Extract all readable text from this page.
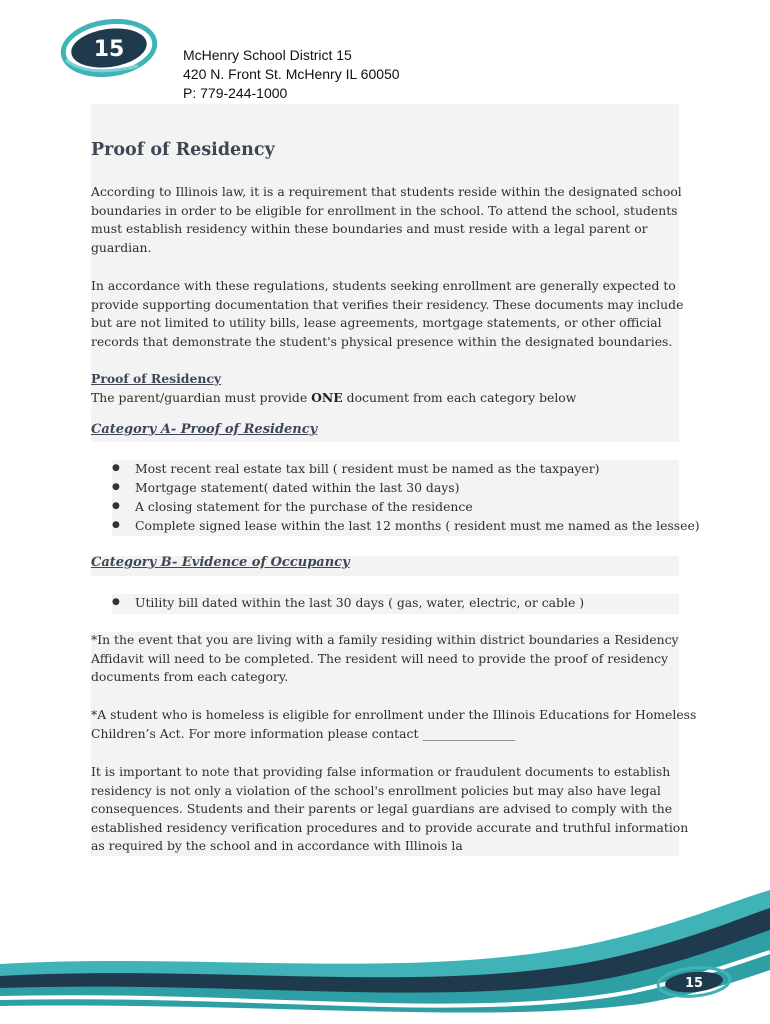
15	McHenry School District 15
420 N. Front St. McHenry IL 60050
P: 779-244-1000
Proof of Residency
According to Illinois law, it is a requirement that students reside within the designated school
boundaries in order to be eligible for enrollment in the school. To attend the school, students
must establish residency within these boundaries and must reside with a legal parent or
guardian.
In accordance with these regulations, students seeking enrollment are generally expected to
provide supporting documentation that verifies their residency. These documents may include
but are not limited to utility bills, lease agreements, mortgage statements, or other official
records that demonstrate the student's physical presence within the designated boundaries.
Proof of Residency
The parent/guardian must provide ONE document from each category below
Category A- Proof of Residency
● Most recent real estate tax bill ( resident must be named as the taxpayer)
● Mortgage statement( dated within the last 30 days)
● A closing statement for the purchase of the residence
● Complete signed lease within the last 12 months ( resident must me named as the lessee)
Category B- Evidence of Occupancy
● Utility bill dated within the last 30 days ( gas, water, electric, or cable )
*In the event that you are living with a family residing within district boundaries a Residency
Affidavit will need to be completed. The resident will need to provide the proof of residency
documents from each category.
*A student who is homeless is eligible for enrollment under the Illinois Educations for Homeless
Children’s Act. For more information please contact _______________
It is important to note that providing false information or fraudulent documents to establish
residency is not only a violation of the school's enrollment policies but may also have legal
consequences. Students and their parents or legal guardians are advised to comply with the
established residency verification procedures and to provide accurate and truthful information
as required by the school and in accordance with Illinois la
15
